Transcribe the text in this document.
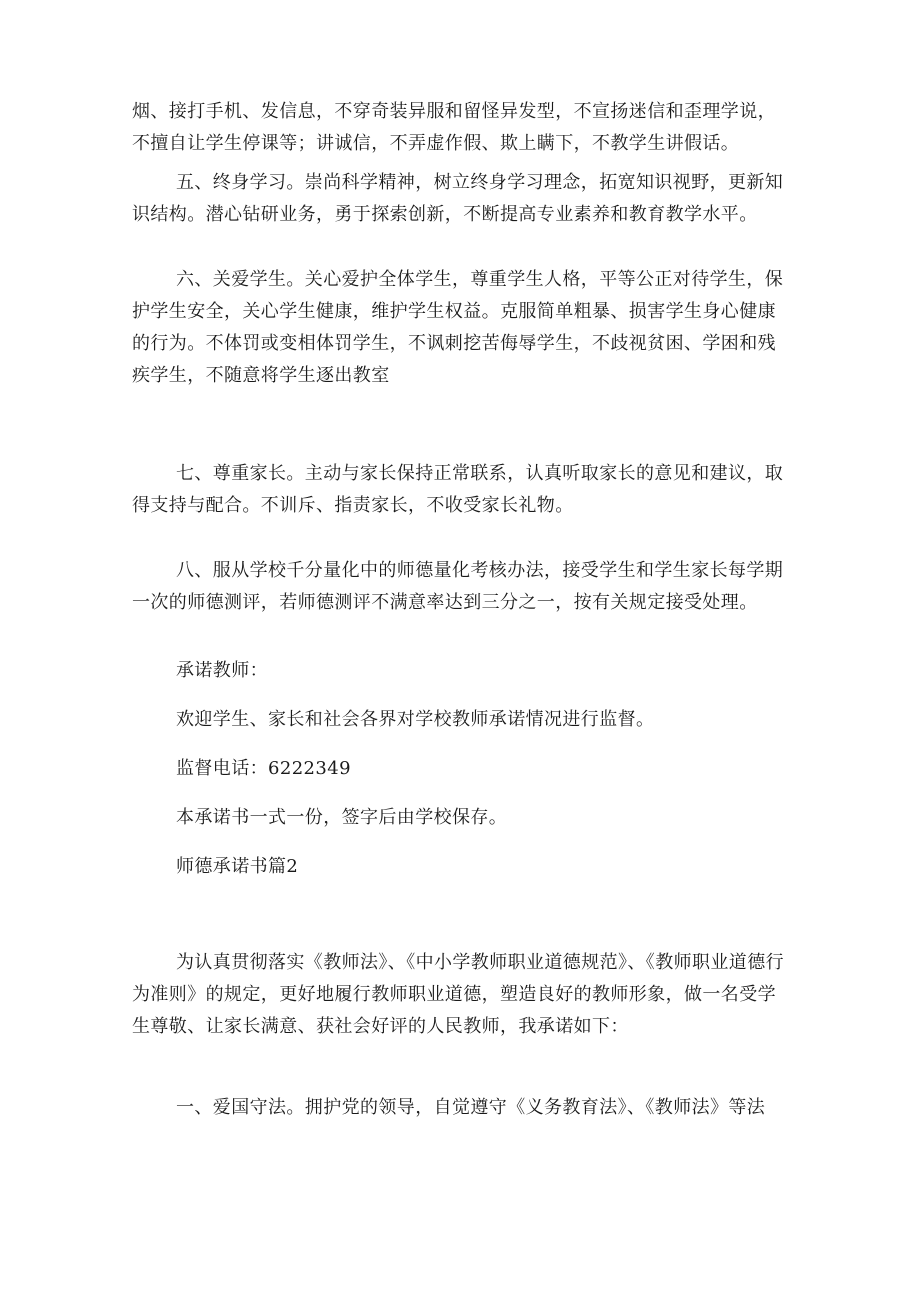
烟、接打手机、发信息，不穿奇装异服和留怪异发型，不宣扬迷信和歪理学说，不擅自让学生停课等；讲诚信，不弄虚作假、欺上瞒下，不教学生讲假话。

五、终身学习。崇尚科学精神，树立终身学习理念，拓宽知识视野，更新知识结构。潜心钻研业务，勇于探索创新，不断提高专业素养和教育教学水平。

六、关爱学生。关心爱护全体学生，尊重学生人格，平等公正对待学生，保护学生安全，关心学生健康，维护学生权益。克服简单粗暴、损害学生身心健康的行为。不体罚或变相体罚学生，不讽刺挖苦侮辱学生，不歧视贫困、学困和残疾学生，不随意将学生逐出教室

七、尊重家长。主动与家长保持正常联系，认真听取家长的意见和建议，取得支持与配合。不训斥、指责家长，不收受家长礼物。

八、服从学校千分量化中的师德量化考核办法，接受学生和学生家长每学期一次的师德测评，若师德测评不满意率达到三分之一，按有关规定接受处理。

承诺教师：

欢迎学生、家长和社会各界对学校教师承诺情况进行监督。

监督电话：6222349

本承诺书一式一份，签字后由学校保存。

师德承诺书篇2

为认真贯彻落实《教师法》、《中小学教师职业道德规范》、《教师职业道德行为准则》的规定，更好地履行教师职业道德，塑造良好的教师形象，做一名受学生尊敬、让家长满意、获社会好评的人民教师，我承诺如下：

一、爱国守法。拥护党的领导，自觉遵守《义务教育法》、《教师法》等法
